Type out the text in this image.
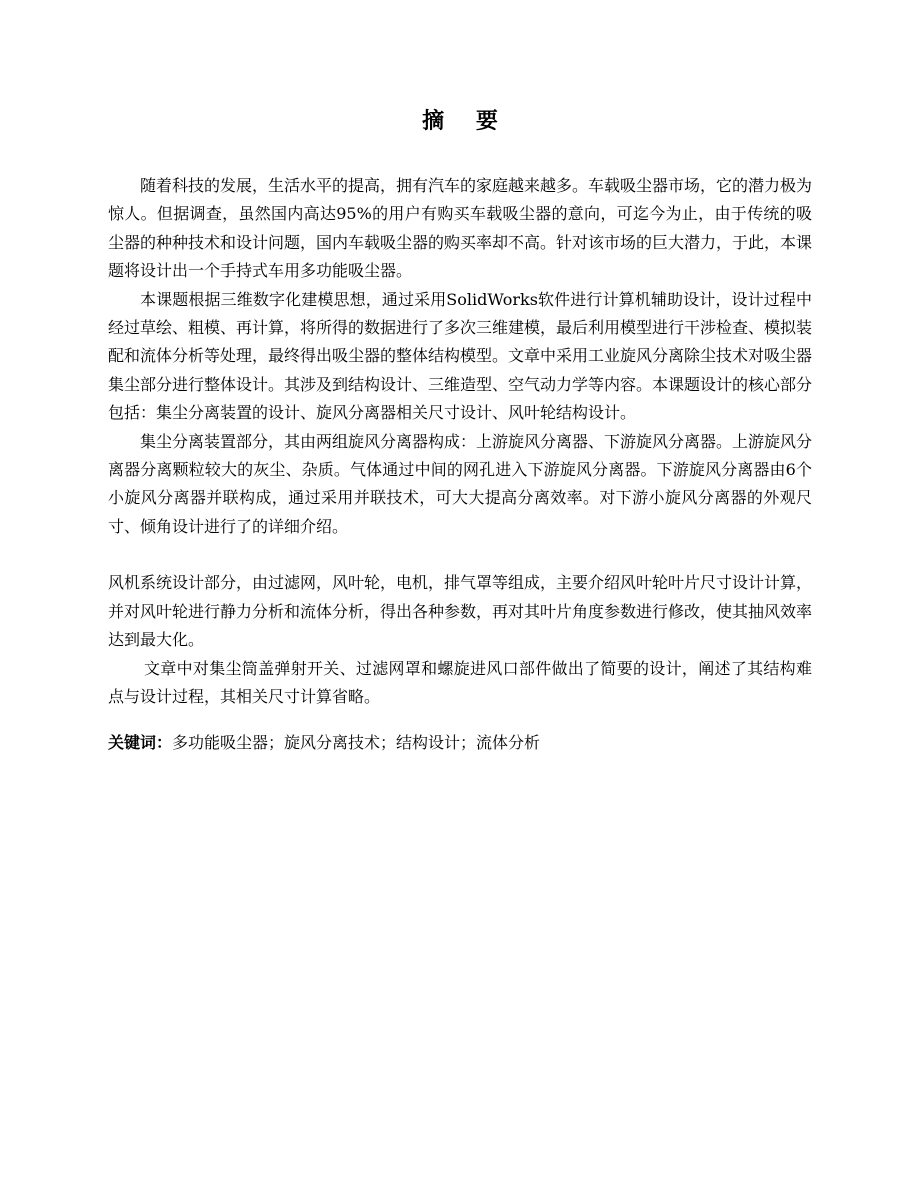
摘 要

随着科技的发展，生活水平的提高，拥有汽车的家庭越来越多。车载吸尘器市场，它的潜力极为惊人。但据调查，虽然国内高达95%的用户有购买车载吸尘器的意向，可迄今为止，由于传统的吸尘器的种种技术和设计问题，国内车载吸尘器的购买率却不高。针对该市场的巨大潜力，于此，本课题将设计出一个手持式车用多功能吸尘器。

本课题根据三维数字化建模思想，通过采用SolidWorks软件进行计算机辅助设计，设计过程中经过草绘、粗模、再计算，将所得的数据进行了多次三维建模，最后利用模型进行干涉检查、模拟装配和流体分析等处理，最终得出吸尘器的整体结构模型。文章中采用工业旋风分离除尘技术对吸尘器集尘部分进行整体设计。其涉及到结构设计、三维造型、空气动力学等内容。本课题设计的核心部分包括：集尘分离装置的设计、旋风分离器相关尺寸设计、风叶轮结构设计。

集尘分离装置部分，其由两组旋风分离器构成：上游旋风分离器、下游旋风分离器。上游旋风分离器分离颗粒较大的灰尘、杂质。气体通过中间的网孔进入下游旋风分离器。下游旋风分离器由6个小旋风分离器并联构成，通过采用并联技术，可大大提高分离效率。对下游小旋风分离器的外观尺寸、倾角设计进行了的详细介绍。

风机系统设计部分，由过滤网，风叶轮，电机，排气罩等组成，主要介绍风叶轮叶片尺寸设计计算，并对风叶轮进行静力分析和流体分析，得出各种参数，再对其叶片角度参数进行修改，使其抽风效率达到最大化。

文章中对集尘筒盖弹射开关、过滤网罩和螺旋进风口部件做出了简要的设计，阐述了其结构难点与设计过程，其相关尺寸计算省略。

关键词：多功能吸尘器；旋风分离技术；结构设计；流体分析
